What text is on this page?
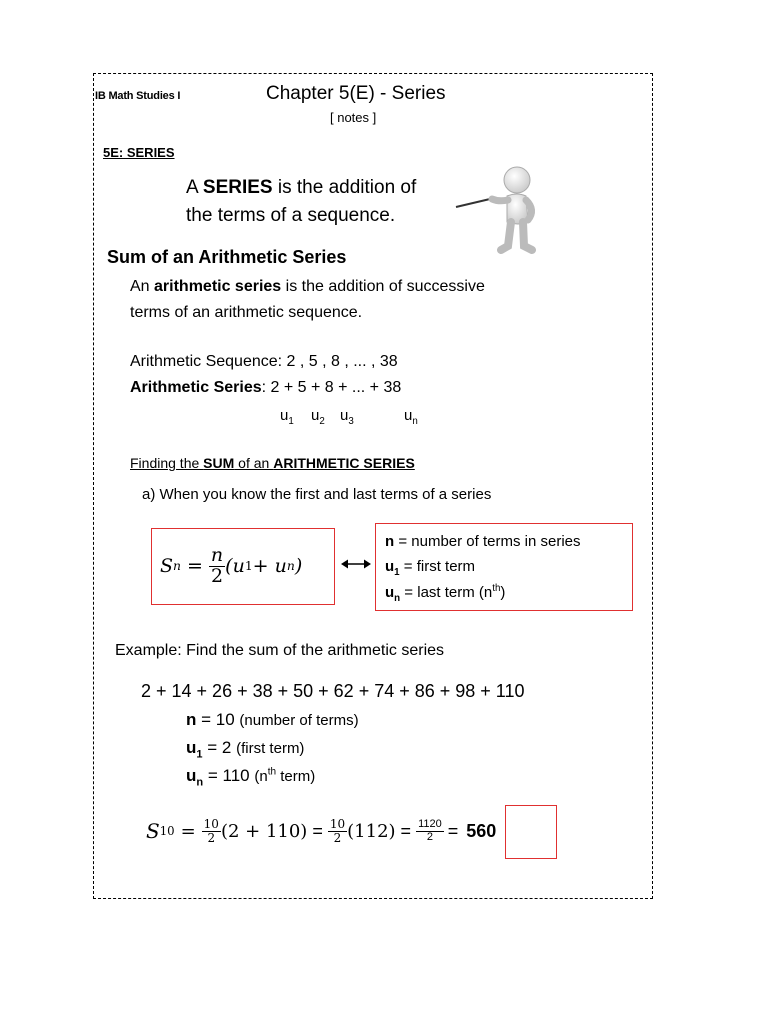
IB Math Studies I	Chapter 5(E) - Series
[ notes ]
5E: SERIES
A SERIES is the addition of
the terms of a sequence.
Sum of an Arithmetic Series
An arithmetic series is the addition of successive
terms of an arithmetic sequence.
Arithmetic Sequence: 2 , 5 , 8 , ... , 38
Arithmetic Series: 2 + 5 + 8 + ... + 38
$u_1$ $u_2$ $u_3$	$u_n$
Finding the SUM of an ARITHMETIC SERIES
a) When you know the first and last terms of a series
S $n = \frac{n}{2} (u$ 1 + u n )
n = number of terms in series
$u_1$ = first term
$u_n$ = last term $(n^{th})$
Example: Find the sum of the arithmetic series
2 + 14 + 26 + 38 + 50 + 62 + 74 + 86 + 98 + 110
n = 10 (number of terms)
$u_1 = 2$ (first term)
$u_n = 110$ ($n^{th}$ term)
S $10 = \frac{10}{2} (2 + 110) = \frac{10}{2} (112) = \frac{1120}{2} = 560$
